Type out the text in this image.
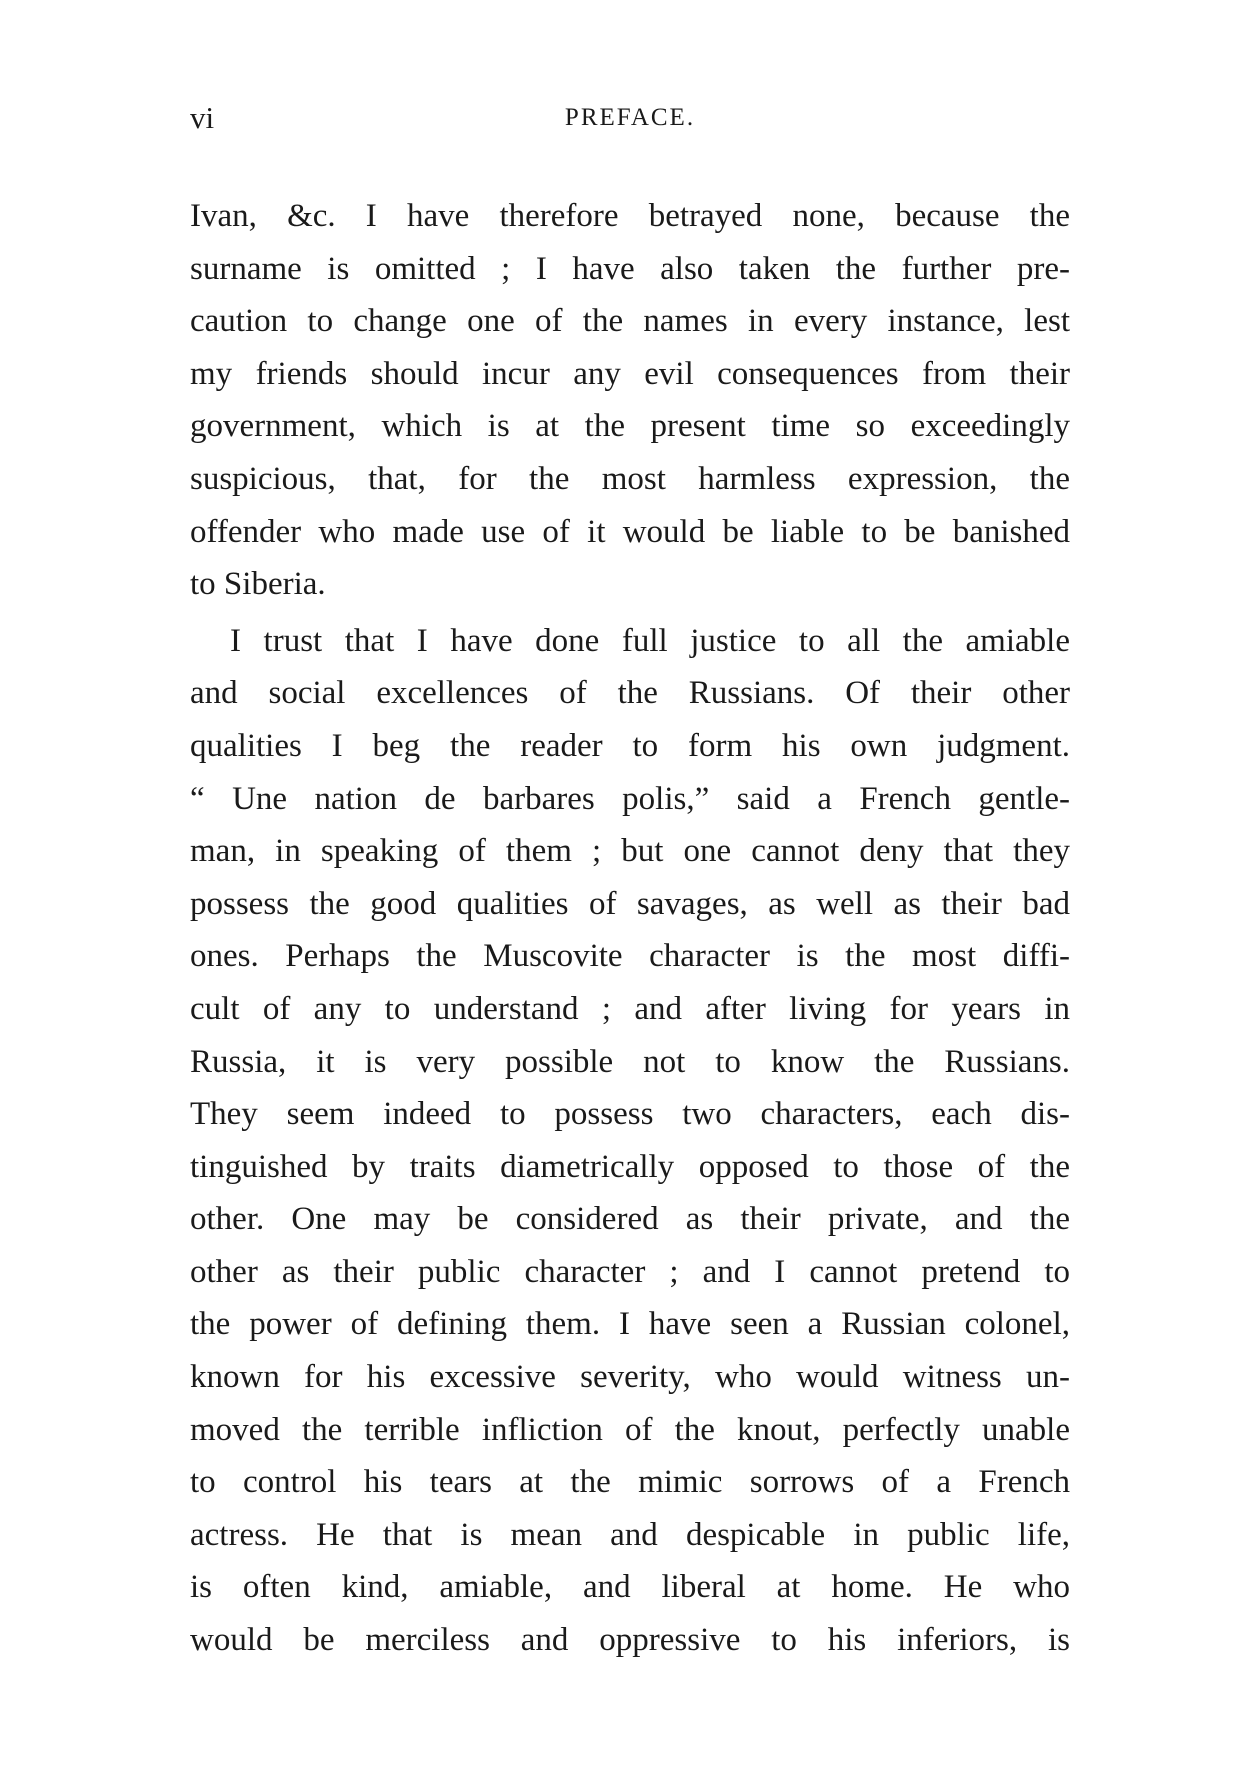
vi	PREFACE.
Ivan, &c. I have therefore betrayed none, because the
surname is omitted ; I have also taken the further pre-
caution to change one of the names in every instance, lest
my friends should incur any evil consequences from their
government, which is at the present time so exceedingly
suspicious, that, for the most harmless expression, the
offender who made use of it would be liable to be banished
to Siberia.
I trust that I have done full justice to all the amiable
and social excellences of the Russians. Of their other
qualities I beg the reader to form his own judgment.
“ Une nation de barbares polis,” said a French gentle-
man, in speaking of them ; but one cannot deny that they
possess the good qualities of savages, as well as their bad
ones. Perhaps the Muscovite character is the most diffi-
cult of any to understand ; and after living for years in
Russia, it is very possible not to know the Russians.
They seem indeed to possess two characters, each dis-
tinguished by traits diametrically opposed to those of the
other. One may be considered as their private, and the
other as their public character ; and I cannot pretend to
the power of defining them. I have seen a Russian colonel,
known for his excessive severity, who would witness un-
moved the terrible infliction of the knout, perfectly unable
to control his tears at the mimic sorrows of a French
actress. He that is mean and despicable in public life,
is often kind, amiable, and liberal at home. He who
would be merciless and oppressive to his inferiors, is
